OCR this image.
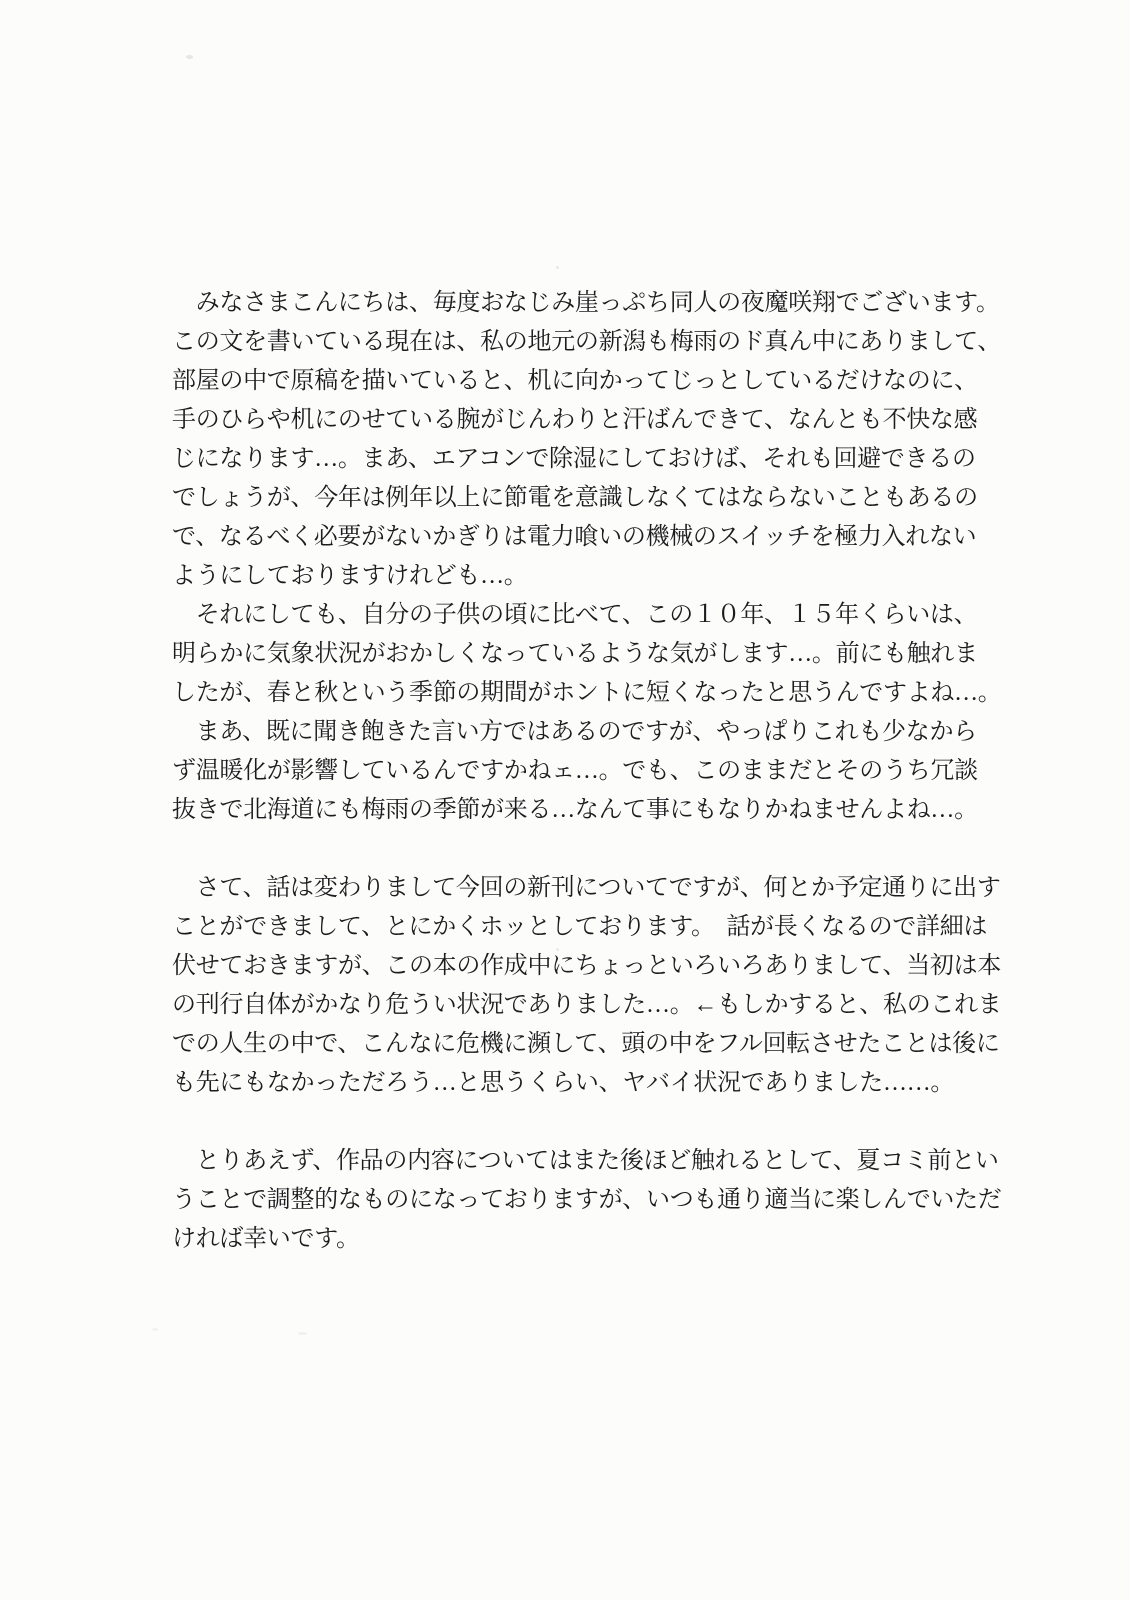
　みなさまこんにちは、毎度おなじみ崖っぷち同人の夜魔咲翔でございます。
この文を書いている現在は、私の地元の新潟も梅雨のド真ん中にありまして、
部屋の中で原稿を描いていると、机に向かってじっとしているだけなのに、
手のひらや机にのせている腕がじんわりと汗ばんできて、なんとも不快な感
じになります…。まあ、エアコンで除湿にしておけば、それも回避できるの
でしょうが、今年は例年以上に節電を意識しなくてはならないこともあるの
で、なるべく必要がないかぎりは電力喰いの機械のスイッチを極力入れない
ようにしておりますけれども…。
　それにしても、自分の子供の頃に比べて、この１０年、１５年くらいは、
明らかに気象状況がおかしくなっているような気がします…。前にも触れま
したが、春と秋という季節の期間がホントに短くなったと思うんですよね…。
　まあ、既に聞き飽きた言い方ではあるのですが、やっぱりこれも少なから
ず温暖化が影響しているんですかねェ…。でも、このままだとそのうち冗談
抜きで北海道にも梅雨の季節が来る…なんて事にもなりかねませんよね…。
　さて、話は変わりまして今回の新刊についてですが、何とか予定通りに出す
ことができまして、とにかくホッとしております。　話が長くなるので詳細は
伏せておきますが、この本の作成中にちょっといろいろありまして、当初は本
の刊行自体がかなり危うい状況でありました…。←もしかすると、私のこれま
での人生の中で、こんなに危機に瀕して、頭の中をフル回転させたことは後に
も先にもなかっただろう…と思うくらい、ヤバイ状況でありました……。
　とりあえず、作品の内容についてはまた後ほど触れるとして、夏コミ前とい
うことで調整的なものになっておりますが、いつも通り適当に楽しんでいただ
ければ幸いです。
